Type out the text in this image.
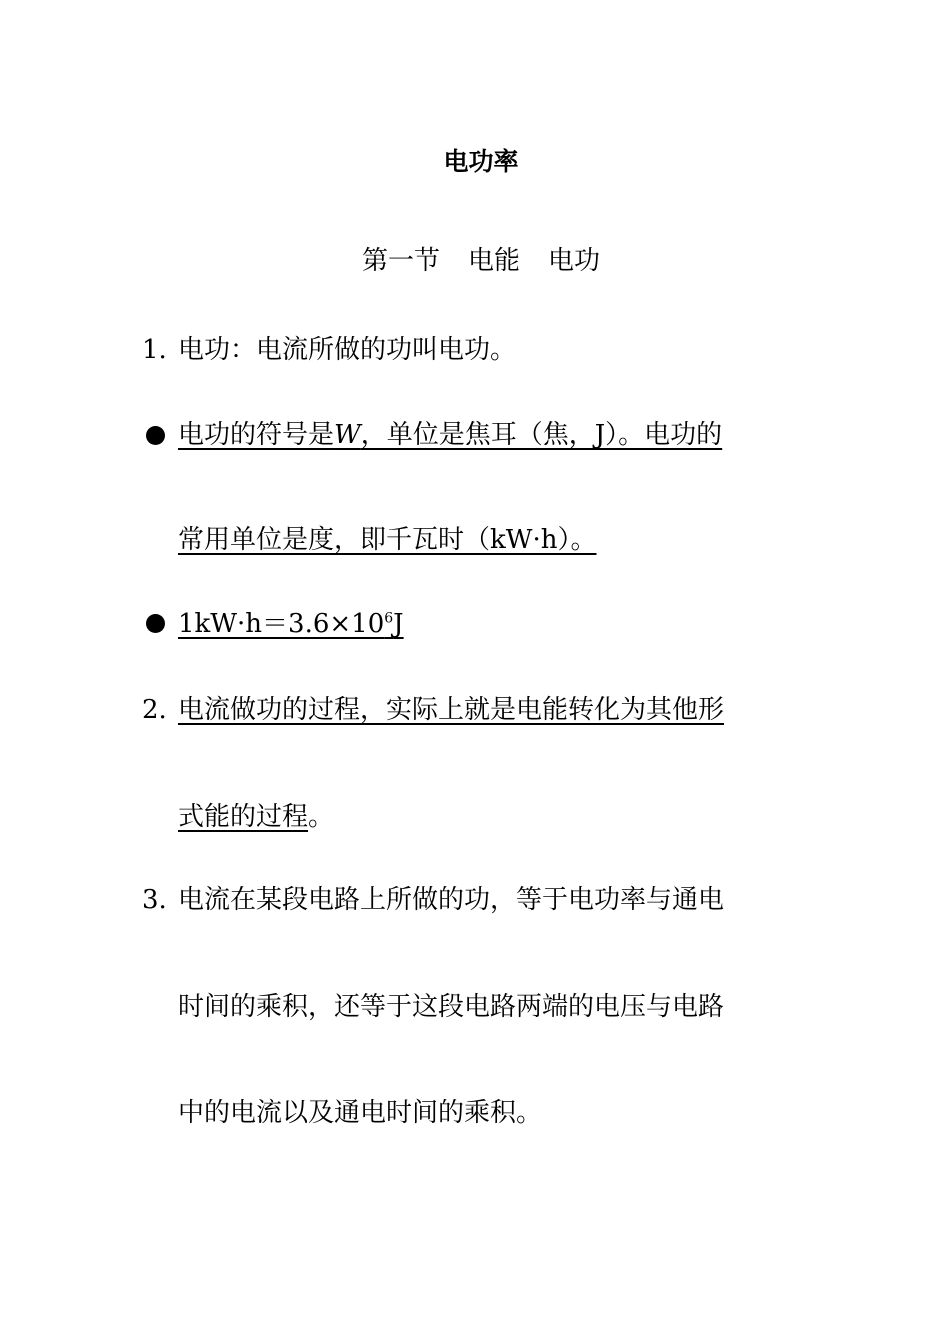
电功率
第一节 电能 电功
1. 电功：电流所做的功叫电功。
电功的符号是W，单位是焦耳（焦，J）。电功的
常用单位是度，即千瓦时（kW·h）。
$1kW\cdot h=3.6\times 10^6J$
2. 电流做功的过程，实际上就是电能转化为其他形
式能的过程。
3. 电流在某段电路上所做的功，等于电功率与通电
时间的乘积，还等于这段电路两端的电压与电路
中的电流以及通电时间的乘积。
